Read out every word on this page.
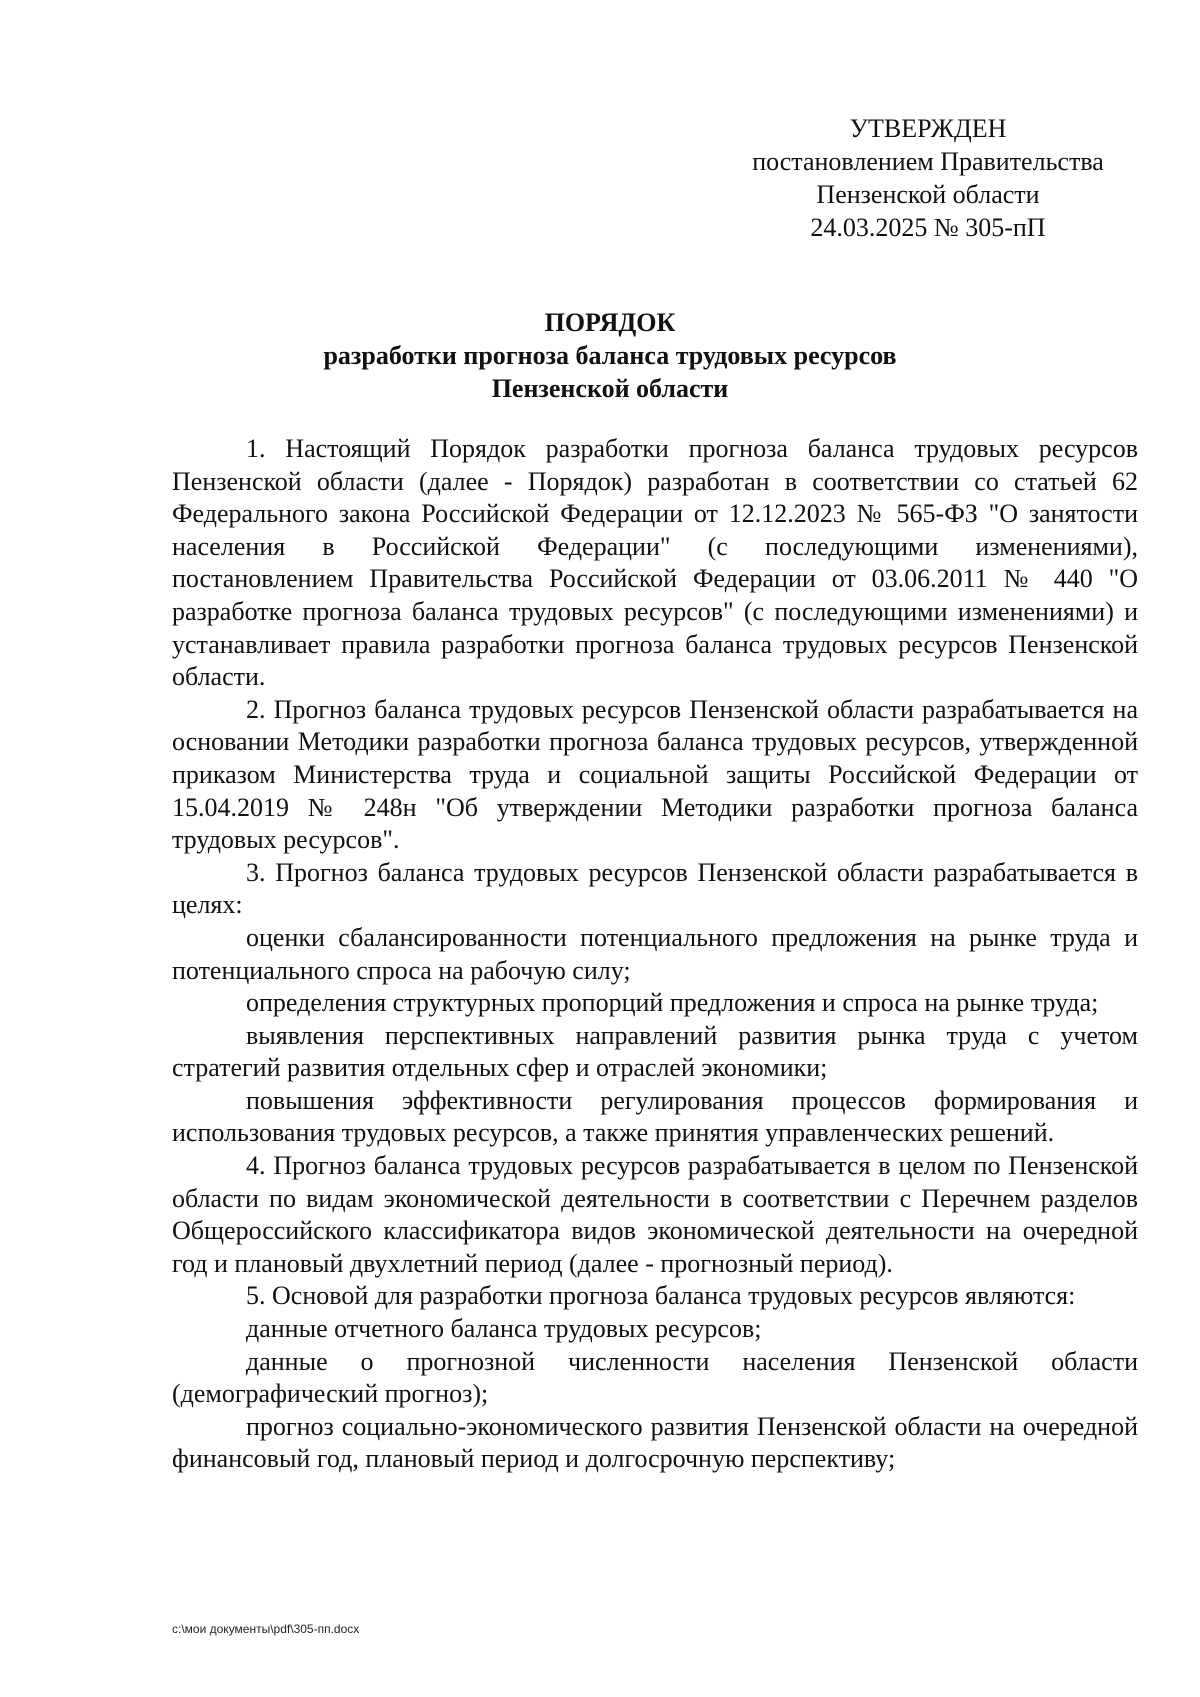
УТВЕРЖДЕН
постановлением Правительства
Пензенской области
24.03.2025 № 305-пП
ПОРЯДОК
разработки прогноза баланса трудовых ресурсов
Пензенской области

1. Настоящий Порядок разработки прогноза баланса трудовых ресурсов Пензенской области (далее - Порядок) разработан в соответствии со статьей 62 Федерального закона Российской Федерации от 12.12.2023 № 565-ФЗ "О занятости населения в Российской Федерации" (с последующими изменениями), постановлением Правительства Российской Федерации от 03.06.2011 № 440 "О разработке прогноза баланса трудовых ресурсов" (с последующими изменениями) и устанавливает правила разработки прогноза баланса трудовых ресурсов Пензенской области.

2. Прогноз баланса трудовых ресурсов Пензенской области разрабатывается на основании Методики разработки прогноза баланса трудовых ресурсов, утвержденной приказом Министерства труда и социальной защиты Российской Федерации от 15.04.2019 № 248н "Об утверждении Методики разработки прогноза баланса трудовых ресурсов".

3. Прогноз баланса трудовых ресурсов Пензенской области разрабатывается в целях:

оценки сбалансированности потенциального предложения на рынке труда и потенциального спроса на рабочую силу;

определения структурных пропорций предложения и спроса на рынке труда;

выявления перспективных направлений развития рынка труда с учетом стратегий развития отдельных сфер и отраслей экономики;

повышения эффективности регулирования процессов формирования и использования трудовых ресурсов, а также принятия управленческих решений.

4. Прогноз баланса трудовых ресурсов разрабатывается в целом по Пензенской области по видам экономической деятельности в соответствии с Перечнем разделов Общероссийского классификатора видов экономической деятельности на очередной год и плановый двухлетний период (далее - прогнозный период).

5. Основой для разработки прогноза баланса трудовых ресурсов являются:

данные отчетного баланса трудовых ресурсов;

данные о прогнозной численности населения Пензенской области (демографический прогноз);

прогноз социально-экономического развития Пензенской области на очередной финансовый год, плановый период и долгосрочную перспективу;

c:\мои документы\pdf\305-пп.docx
